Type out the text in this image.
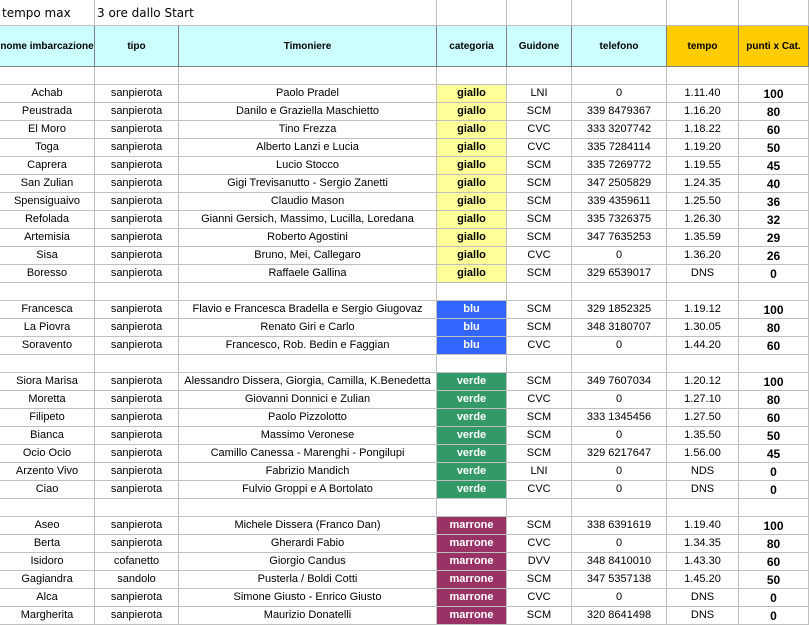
tempo max	3 ore dallo Start
nome imbarcazione	tipo	Timoniere	categoria	Guidone	telefono	tempo	punti x Cat.
Achab	sanpierota	Paolo Pradel	giallo	LNI	0	1.11.40	100
Peustrada	sanpierota	Danilo e Graziella Maschietto	giallo	SCM	339 8479367	1.16.20	80
El Moro	sanpierota	Tino Frezza	giallo	CVC	333 3207742	1.18.22	60
Toga	sanpierota	Alberto Lanzi e Lucia	giallo	CVC	335 7284114	1.19.20	50
Caprera	sanpierota	Lucio Stocco	giallo	SCM	335 7269772	1.19.55	45
San Zulian	sanpierota	Gigi Trevisanutto - Sergio Zanetti	giallo	SCM	347 2505829	1.24.35	40
Spensiguaivo	sanpierota	Claudio Mason	giallo	SCM	339 4359611	1.25.50	36
Refolada	sanpierota	Gianni Gersich, Massimo, Lucilla, Loredana	giallo	SCM	335 7326375	1.26.30	32
Artemisia	sanpierota	Roberto Agostini	giallo	SCM	347 7635253	1.35.59	29
Sisa	sanpierota	Bruno, Mei, Callegaro	giallo	CVC	0	1.36.20	26
Boresso	sanpierota	Raffaele Gallina	giallo	SCM	329 6539017	DNS	0
Francesca	sanpierota	Flavio e Francesca Bradella e Sergio Giugovaz	blu	SCM	329 1852325	1.19.12	100
La Piovra	sanpierota	Renato Giri e Carlo	blu	SCM	348 3180707	1.30.05	80
Soravento	sanpierota	Francesco, Rob. Bedin e Faggian	blu	CVC	0	1.44.20	60
Siora Marisa	sanpierota	Alessandro Dissera, Giorgia, Camilla, K.Benedetta	verde	SCM	349 7607034	1.20.12	100
Moretta	sanpierota	Giovanni Donnici e Zulian	verde	CVC	0	1.27.10	80
Filipeto	sanpierota	Paolo Pizzolotto	verde	SCM	333 1345456	1.27.50	60
Bianca	sanpierota	Massimo Veronese	verde	SCM	0	1.35.50	50
Ocio Ocio	sanpierota	Camillo Canessa - Marenghi - Pongilupi	verde	SCM	329 6217647	1.56.00	45
Arzento Vivo	sanpierota	Fabrizio Mandich	verde	LNI	0	NDS	0
Ciao	sanpierota	Fulvio Groppi e A Bortolato	verde	CVC	0	DNS	0
Aseo	sanpierota	Michele Dissera (Franco Dan)	marrone	SCM	338 6391619	1.19.40	100
Berta	sanpierota	Gherardi Fabio	marrone	CVC	0	1.34.35	80
Isidoro	cofanetto	Giorgio Candus	marrone	DVV	348 8410010	1.43.30	60
Gagiandra	sandolo	Pusterla / Boldi Cotti	marrone	SCM	347 5357138	1.45.20	50
Alca	sanpierota	Simone Giusto - Enrico Giusto	marrone	CVC	0	DNS	0
Margherita	sanpierota	Maurizio Donatelli	marrone	SCM	320 8641498	DNS	0
